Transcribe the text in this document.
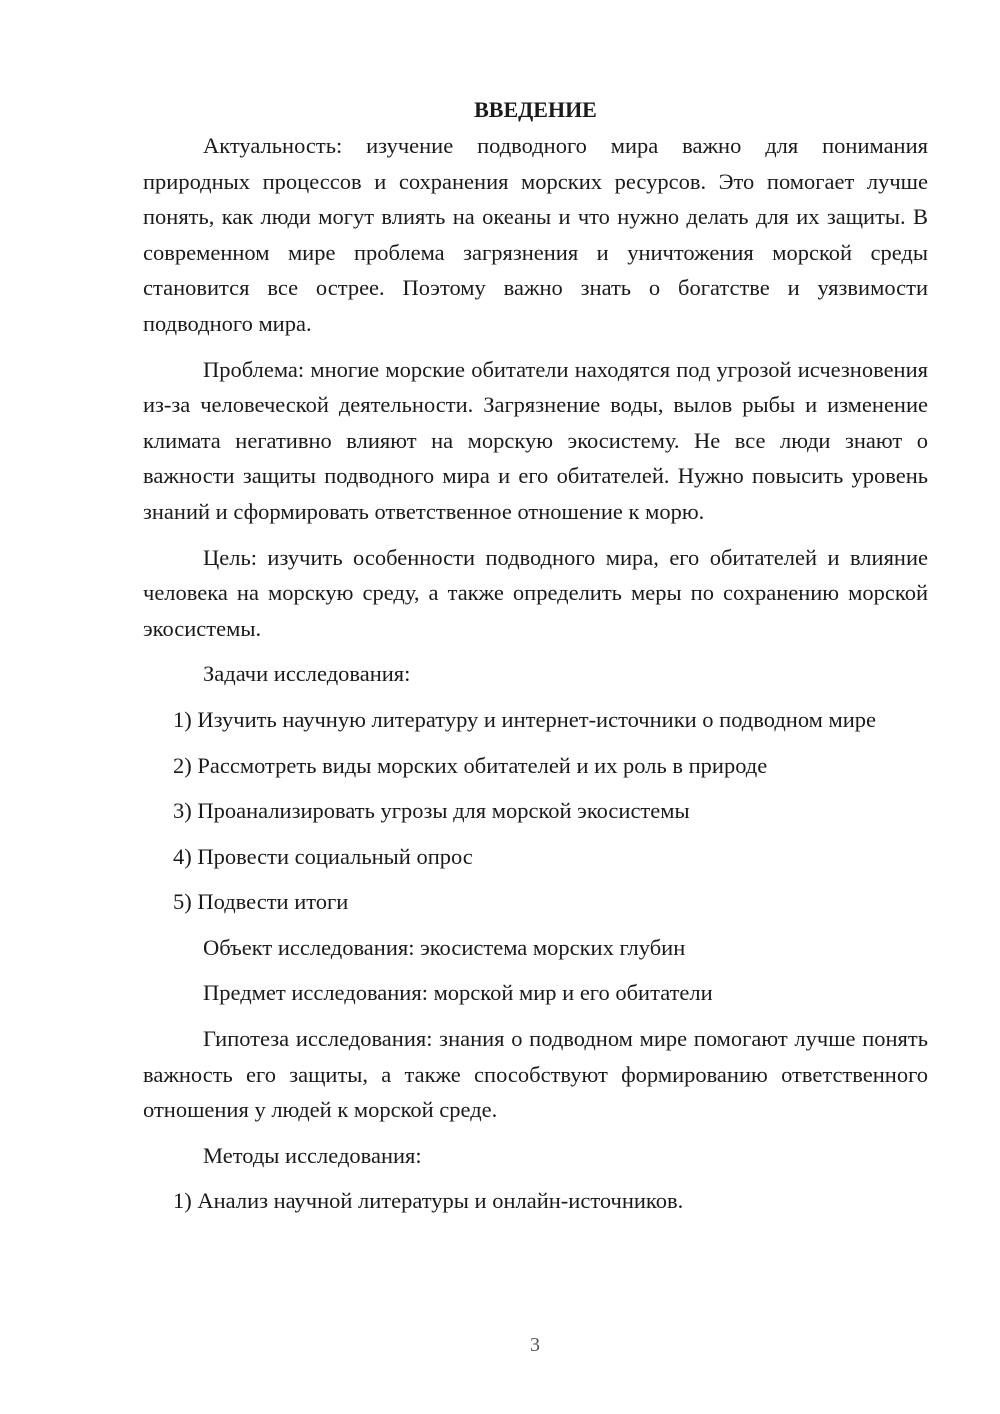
ВВЕДЕНИЕ

Актуальность: изучение подводного мира важно для понимания природных процессов и сохранения морских ресурсов. Это помогает лучше понять, как люди могут влиять на океаны и что нужно делать для их защиты. В современном мире проблема загрязнения и уничтожения морской среды становится все острее. Поэтому важно знать о богатстве и уязвимости подводного мира.

Проблема: многие морские обитатели находятся под угрозой исчезновения из-за человеческой деятельности. Загрязнение воды, вылов рыбы и изменение климата негативно влияют на морскую экосистему. Не все люди знают о важности защиты подводного мира и его обитателей. Нужно повысить уровень знаний и сформировать ответственное отношение к морю.

Цель: изучить особенности подводного мира, его обитателей и влияние человека на морскую среду, а также определить меры по сохранению морской экосистемы.

Задачи исследования:

1) Изучить научную литературу и интернет-источники о подводном мире

2) Рассмотреть виды морских обитателей и их роль в природе

3) Проанализировать угрозы для морской экосистемы

4) Провести социальный опрос

5) Подвести итоги

Объект исследования: экосистема морских глубин

Предмет исследования: морской мир и его обитатели

Гипотеза исследования: знания о подводном мире помогают лучше понять важность его защиты, а также способствуют формированию ответственного отношения у людей к морской среде.

Методы исследования:

1) Анализ научной литературы и онлайн-источников.

3
